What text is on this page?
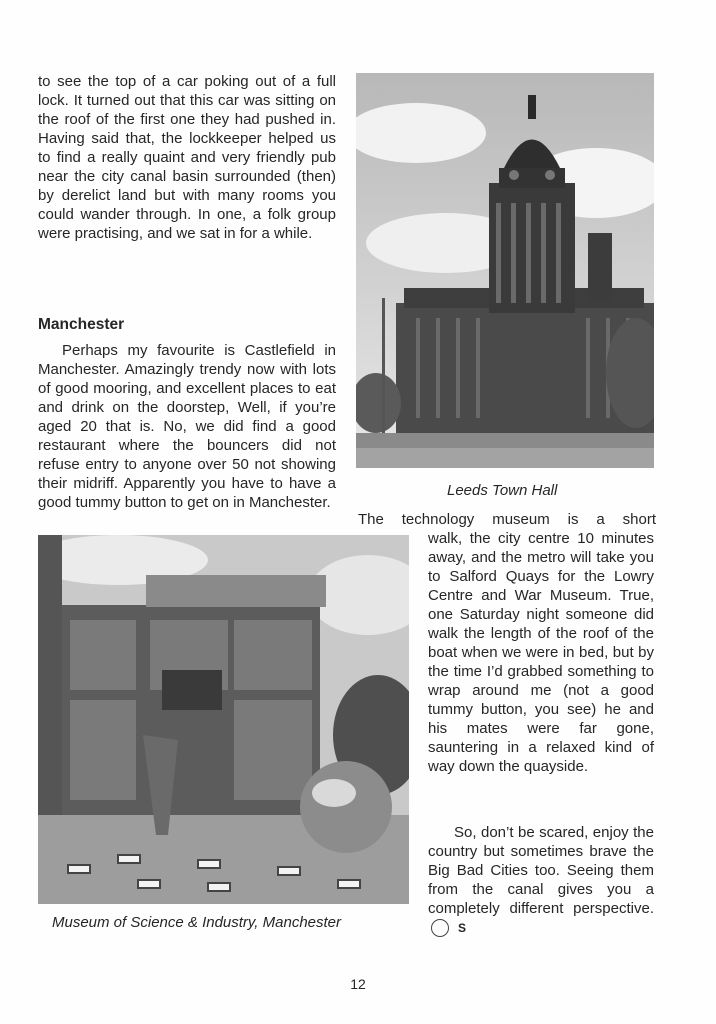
to see the top of a car poking out of a full lock. It turned out that this car was sitting on the roof of the first one they had pushed in. Having said that, the lockkeeper helped us to find a really quaint and very friendly pub near the city canal basin surrounded (then) by derelict land but with many rooms you could wander through. In one, a folk group were practising, and we sat in for a while.

Manchester

Perhaps my favourite is Castlefield in Manchester. Amazingly trendy now with lots of good mooring, and excellent places to eat and drink on the doorstep, Well, if you’re aged 20 that is. No, we did find a good restaurant where the bouncers did not refuse entry to anyone over 50 not showing their midriff. Apparently you have to have a good tummy button to get on in Manchester.

Leeds Town Hall

The technology museum is a short

walk, the city centre 10 minutes away, and the metro will take you to Salford Quays for the Lowry Centre and War Museum. True, one Saturday night someone did walk the length of the roof of the boat when we were in bed, but by the time I’d grabbed something to wrap around me (not a good tummy button, you see) he and his mates were far gone, sauntering in a relaxed kind of way down the quayside.

Museum of Science & Industry, Manchester

So, don’t be scared, enjoy the country but sometimes brave the Big Bad Cities too. Seeing them from the canal gives you a completely different perspective.S

12
